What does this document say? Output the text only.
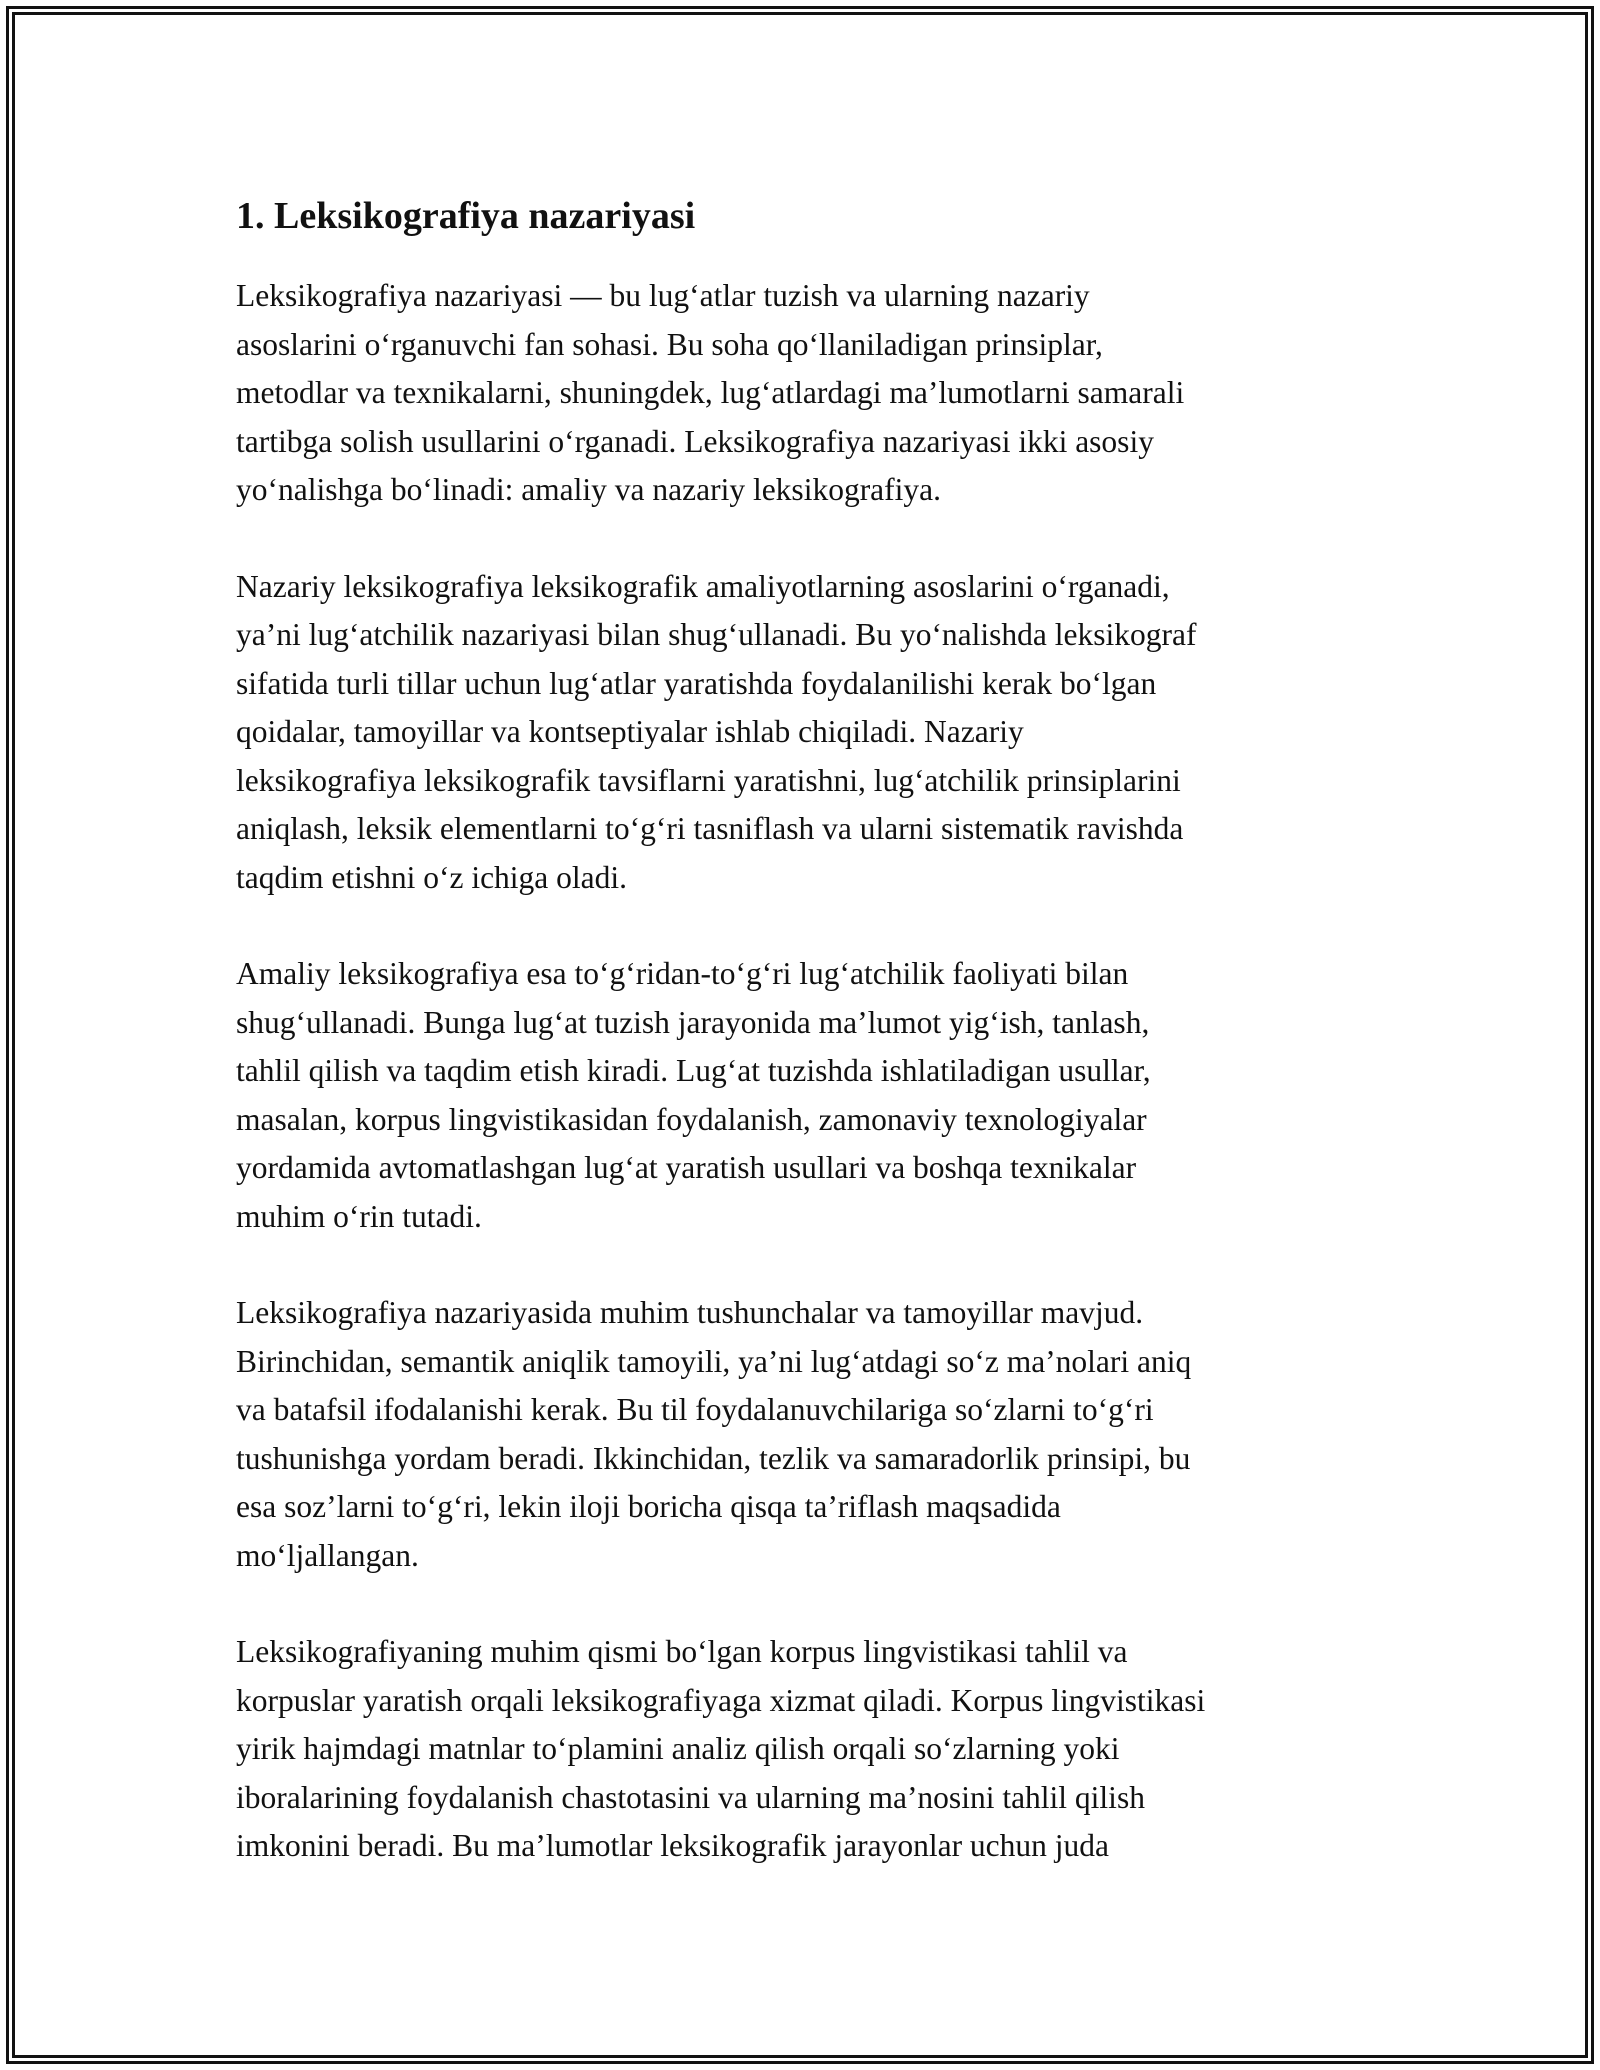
1. Leksikografiya nazariyasi
Leksikografiya nazariyasi — bu lug‘atlar tuzish va ularning nazariy
asoslarini o‘rganuvchi fan sohasi. Bu soha qo‘llaniladigan prinsiplar,
metodlar va texnikalarni, shuningdek, lug‘atlardagi ma’lumotlarni samarali
tartibga solish usullarini o‘rganadi. Leksikografiya nazariyasi ikki asosiy
yo‘nalishga bo‘linadi: amaliy va nazariy leksikografiya.
Nazariy leksikografiya leksikografik amaliyotlarning asoslarini o‘rganadi,
ya’ni lug‘atchilik nazariyasi bilan shug‘ullanadi. Bu yo‘nalishda leksikograf
sifatida turli tillar uchun lug‘atlar yaratishda foydalanilishi kerak bo‘lgan
qoidalar, tamoyillar va kontseptiyalar ishlab chiqiladi. Nazariy
leksikografiya leksikografik tavsiflarni yaratishni, lug‘atchilik prinsiplarini
aniqlash, leksik elementlarni to‘g‘ri tasniflash va ularni sistematik ravishda
taqdim etishni o‘z ichiga oladi.
Amaliy leksikografiya esa to‘g‘ridan-to‘g‘ri lug‘atchilik faoliyati bilan
shug‘ullanadi. Bunga lug‘at tuzish jarayonida ma’lumot yig‘ish, tanlash,
tahlil qilish va taqdim etish kiradi. Lug‘at tuzishda ishlatiladigan usullar,
masalan, korpus lingvistikasidan foydalanish, zamonaviy texnologiyalar
yordamida avtomatlashgan lug‘at yaratish usullari va boshqa texnikalar
muhim o‘rin tutadi.
Leksikografiya nazariyasida muhim tushunchalar va tamoyillar mavjud.
Birinchidan, semantik aniqlik tamoyili, ya’ni lug‘atdagi so‘z ma’nolari aniq
va batafsil ifodalanishi kerak. Bu til foydalanuvchilariga so‘zlarni to‘g‘ri
tushunishga yordam beradi. Ikkinchidan, tezlik va samaradorlik prinsipi, bu
esa soz’larni to‘g‘ri, lekin iloji boricha qisqa ta’riflash maqsadida
mo‘ljallangan.
Leksikografiyaning muhim qismi bo‘lgan korpus lingvistikasi tahlil va
korpuslar yaratish orqali leksikografiyaga xizmat qiladi. Korpus lingvistikasi
yirik hajmdagi matnlar to‘plamini analiz qilish orqali so‘zlarning yoki
iboralarining foydalanish chastotasini va ularning ma’nosini tahlil qilish
imkonini beradi. Bu ma’lumotlar leksikografik jarayonlar uchun juda
